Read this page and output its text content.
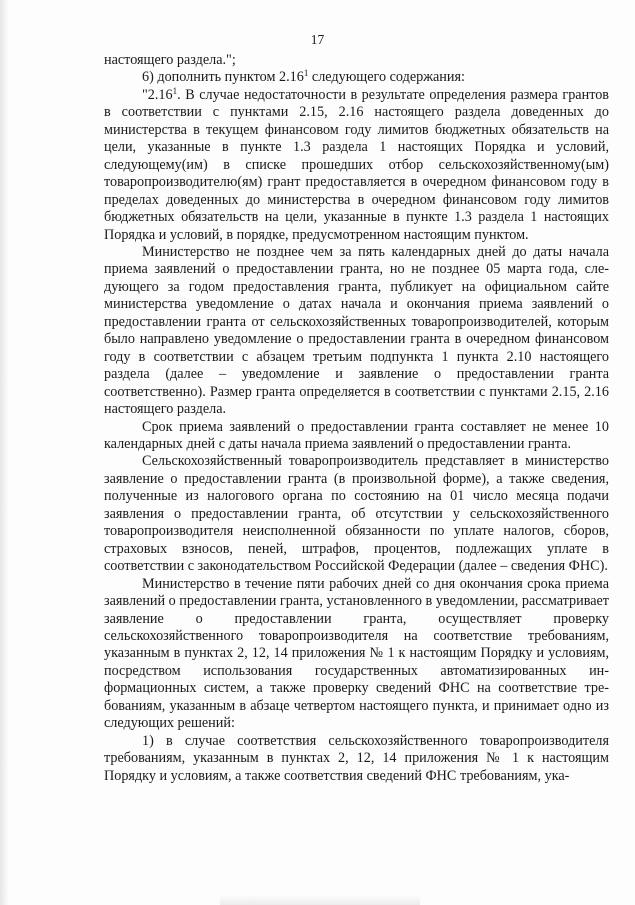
17

настоящего раздела.";

6) дополнить пунктом 2.16$^1$ следующего содержания:

"2.16$^1$. В случае недостаточности в результате определения размера грантов в соответствии с пунктами 2.15, 2.16 настоящего раздела доведенных до министерства в текущем финансовом году лимитов бюджетных обязательств на цели, указанные в пункте 1.3 раздела 1 настоящих Порядка и условий, следующему(им) в списке прошедших отбор сельскохозяйственному(ым) товаропроизводителю(ям) грант предоставляется в очередном финансовом году в пределах доведенных до министерства в очередном финансовом году лимитов бюджетных обязательств на цели, указанные в пункте 1.3 раздела 1 настоящих Порядка и условий, в порядке, предусмотренном настоящим пунктом.

Министерство не позднее чем за пять календарных дней до даты начала приема заявлений о предоставлении гранта, но не позднее 05 марта года, следующего за годом предоставления гранта, публикует на официальном сайте министерства уведомление о датах начала и окончания приема заявлений о предоставлении гранта от сельскохозяйственных товаропроизводителей, которым было направлено уведомление о предоставлении гранта в очередном финансовом году в соответствии с абзацем третьим подпункта 1 пункта 2.10 настоящего раздела (далее – уведомление и заявление о предоставлении гранта соответственно). Размер гранта определяется в соответствии с пунктами 2.15, 2.16 настоящего раздела.

Срок приема заявлений о предоставлении гранта составляет не менее 10 календарных дней с даты начала приема заявлений о предоставлении гранта.

Сельскохозяйственный товаропроизводитель представляет в министерство заявление о предоставлении гранта (в произвольной форме), а также сведения, полученные из налогового органа по состоянию на 01 число месяца подачи заявления о предоставлении гранта, об отсутствии у сельскохозяйственного товаропроизводителя неисполненной обязанности по уплате налогов, сборов, страховых взносов, пеней, штрафов, процентов, подлежащих уплате в соответствии с законодательством Российской Федерации (далее – сведения ФНС).

Министерство в течение пяти рабочих дней со дня окончания срока приема заявлений о предоставлении гранта, установленного в уведомлении, рассматривает заявление о предоставлении гранта, осуществляет проверку сельскохозяйственного товаропроизводителя на соответствие требованиям, указанным в пунктах 2, 12, 14 приложения № 1 к настоящим Порядку и условиям, посредством использования государственных автоматизированных информационных систем, а также проверку сведений ФНС на соответствие требованиям, указанным в абзаце четвертом настоящего пункта, и принимает одно из следующих решений:

1) в случае соответствия сельскохозяйственного товаропроизводителя требованиям, указанным в пунктах 2, 12, 14 приложения № 1 к настоящим Порядку и условиям, а также соответствия сведений ФНС требованиям, ука-
